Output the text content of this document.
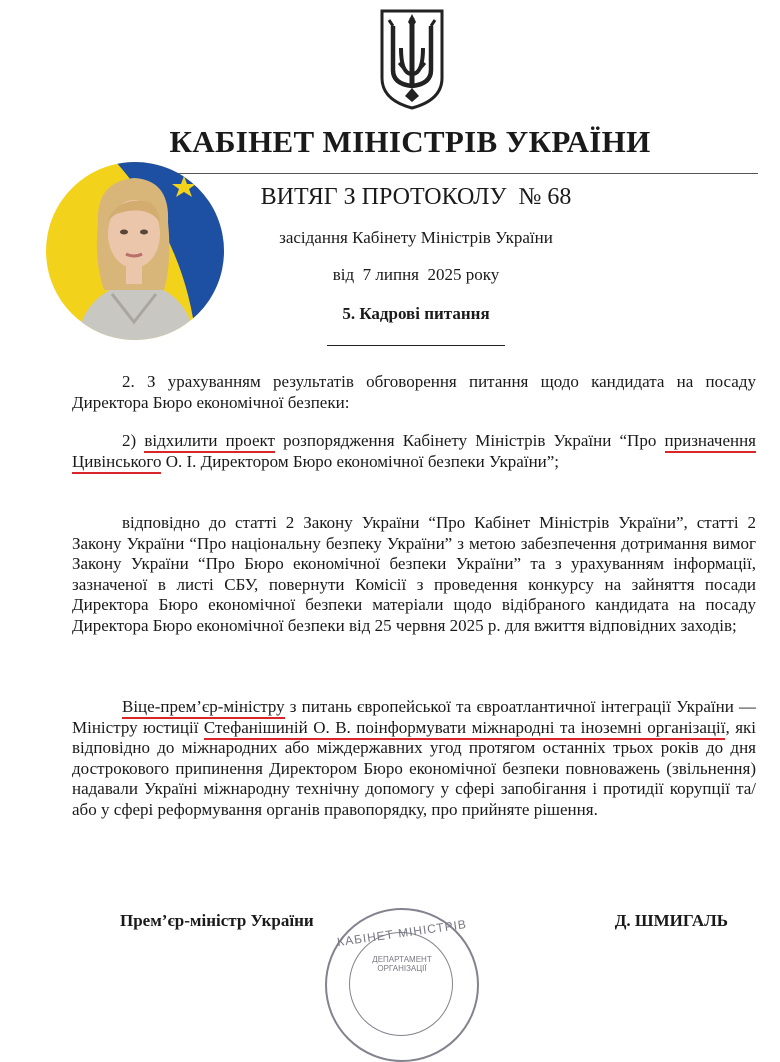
КАБІНЕТ МІНІСТРІВ УКРАЇНИ
ВИТЯГ З ПРОТОКОЛУ  № 68
засідання Кабінету Міністрів України
від  7 липня  2025 року
5. Кадрові питання

2. З урахуванням результатів обговорення питання щодо кандидата на посаду Директора Бюро економічної безпеки:

2) відхилити проект розпорядження Кабінету Міністрів України “Про призначення Цивінського О. І. Директором Бюро економічної безпеки України”;

відповідно до статті 2 Закону України “Про Кабінет Міністрів України”, статті 2 Закону України “Про національну безпеку України” з метою забезпечення дотримання вимог Закону України “Про Бюро економічної безпеки України” та з урахуванням інформації, зазначеної в листі СБУ, повернути Комісії з проведення конкурсу на зайняття посади Директора Бюро економічної безпеки матеріали щодо відібраного кандидата на посаду Директора Бюро економічної безпеки від 25 червня 2025 р. для вжиття відповідних заходів;

Віце-прем’єр-міністру з питань європейської та євроатлантичної інтеграції України — Міністру юстиції Стефанішиній О. В. поінформувати міжнародні та іноземні організації, які відповідно до міжнародних або міждержавних угод протягом останніх трьох років до дня дострокового припинення Директором Бюро економічної безпеки повноважень (звільнення) надавали Україні міжнародну технічну допомогу у сфері запобігання і протидії корупції та/або у сфері реформування органів правопорядку, про прийняте рішення.

КАБІНЕТ МІНІСТРІВ
ДЕПАРТАМЕНТ ОРГАНІЗАЦІЇ
Прем’єр-міністр України	Д. ШМИГАЛЬ
